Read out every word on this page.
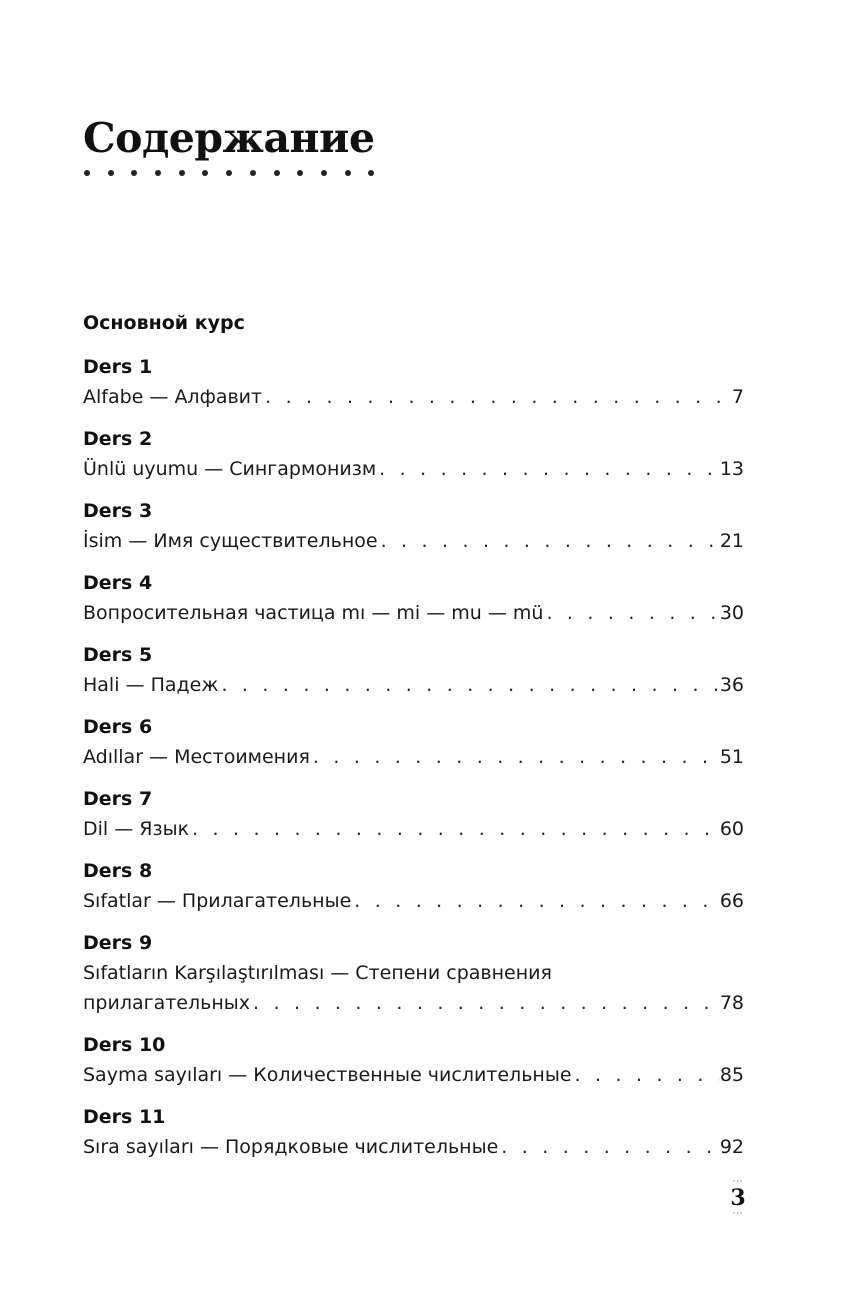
Содержание
Основной курс
Ders 1
Alfabe — Алфавит . . .	7
Ders 2
Ünlü uyumu — Сингармонизм . . .	13
Ders 3
İsim — Имя существительное . . .	21
Ders 4
Вопросительная частица mı — mi — mu — mü . . .	30
Ders 5
Hali — Падеж . . .	36
Ders 6
Adıllar — Местоимения . . .	51
Ders 7
Dil — Язык . . .	60
Ders 8
Sıfatlar — Прилагательные . . .	66
Ders 9
Sıfatların Karşılaştırılması — Степени сравнения
прилагательных . . .	78
Ders 10
Sayma sayıları — Количественные числительные . . .	85
Ders 11
Sıra sayıları — Порядковые числительные . . .	92
···
3
···
